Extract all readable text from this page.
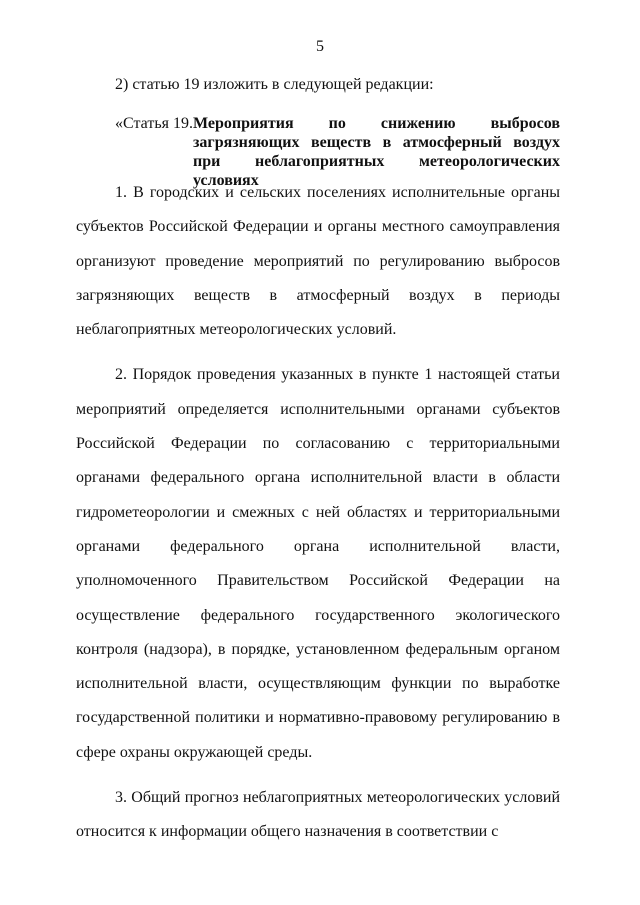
5
2) статью 19 изложить в следующей редакции:
«Статья 19. Мероприятия по снижению выбросов загрязняющих веществ в атмосферный воздух при неблагоприятных метеорологических условиях

1. В городских и сельских поселениях исполнительные органы субъектов Российской Федерации и органы местного самоуправления организуют проведение мероприятий по регулированию выбросов загрязняющих веществ в атмосферный воздух в периоды неблагоприятных метеорологических условий.

2. Порядок проведения указанных в пункте 1 настоящей статьи мероприятий определяется исполнительными органами субъектов Российской Федерации по согласованию с территориальными органами федерального органа исполнительной власти в области гидрометеорологии и смежных с ней областях и территориальными органами федерального органа исполнительной власти, уполномоченного Правительством Российской Федерации на осуществление федерального государственного экологического контроля (надзора), в порядке, установленном федеральным органом исполнительной власти, осуществляющим функции по выработке государственной политики и нормативно-правовому регулированию в сфере охраны окружающей среды.

3. Общий прогноз неблагоприятных метеорологических условий относится к информации общего назначения в соответствии с
